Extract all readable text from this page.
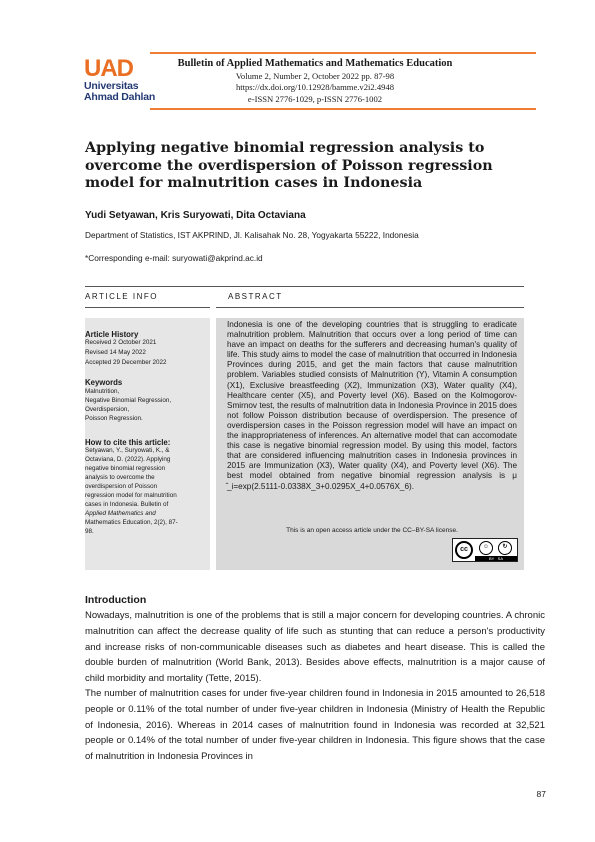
UAD
Universitas
Ahmad Dahlan
Bulletin of Applied Mathematics and Mathematics Education
Volume 2, Number 2, October 2022 pp. 87-98
https://dx.doi.org/10.12928/bamme.v2i2.4948
e-ISSN 2776-1029, p-ISSN 2776-1002
Applying negative binomial regression analysis to overcome the overdispersion of Poisson regression model for malnutrition cases in Indonesia
Yudi Setyawan, Kris Suryowati, Dita Octaviana
Department of Statistics, IST AKPRIND, Jl. Kalisahak No. 28, Yogyakarta 55222, Indonesia
*Corresponding e-mail: suryowati@akprind.ac.id
ARTICLE INFO	ABSTRACT
Article History
Received 2 October 2021
Revised 14 May 2022
Accepted 29 December 2022
Keywords
Malnutrition,
Negative Binomial Regression,
Overdispersion,
Poisson Regression.
How to cite this article:
Setyawan, Y., Suryowati, K., &
Octaviana, D. (2022). Applying
negative binomial regression
analysis to overcome the
overdispersion of Poisson
regression model for malnutrition
cases in Indonesia. Bulletin of
Applied Mathematics and
Mathematics Education, 2(2), 87-
98.
Indonesia is one of the developing countries that is struggling to eradicate malnutrition problem. Malnutrition that occurs over a long period of time can have an impact on deaths for the sufferers and decreasing human's quality of life. This study aims to model the case of malnutrition that occurred in Indonesia Provinces during 2015, and get the main factors that cause malnutrition problem. Variables studied consists of Malnutrition (Y), Vitamin A consumption (X1), Exclusive breastfeeding (X2), Immunization (X3), Water quality (X4), Healthcare center (X5), and Poverty level (X6). Based on the Kolmogorov-Smirnov test, the results of malnutrition data in Indonesia Province in 2015 does not follow Poisson distribution because of overdispersion. The presence of overdispersion cases in the Poisson regression model will have an impact on the inappropriateness of inferences. An alternative model that can accomodate this case is negative binomial regression model. By using this model, factors that are considered influencing malnutrition cases in Indonesia provinces in 2015 are Immunization (X3), Water quality (X4), and Poverty level (X6). The best model obtained from negative binomial regression analysis is μ ̂_i=exp(2.5111-0.0338X_3+0.0295X_4+0.0576X_6).
This is an open access article under the CC–BY-SA license.
cc	☺	↻
BY SA
Introduction
Nowadays, malnutrition is one of the problems that is still a major concern for developing countries. A chronic malnutrition can affect the decrease quality of life such as stunting that can reduce a person's productivity and increase risks of non-communicable diseases such as diabetes and heart disease. This is called the double burden of malnutrition (World Bank, 2013). Besides above effects, malnutrition is a major cause of child morbidity and mortality (Tette, 2015).
The number of malnutrition cases for under five-year children found in Indonesia in 2015 amounted to 26,518 people or 0.11% of the total number of under five-year children in Indonesia (Ministry of Health the Republic of Indonesia, 2016). Whereas in 2014 cases of malnutrition found in Indonesia was recorded at 32,521 people or 0.14% of the total number of under five-year children in Indonesia. This figure shows that the case of malnutrition in Indonesia Provinces in
87
